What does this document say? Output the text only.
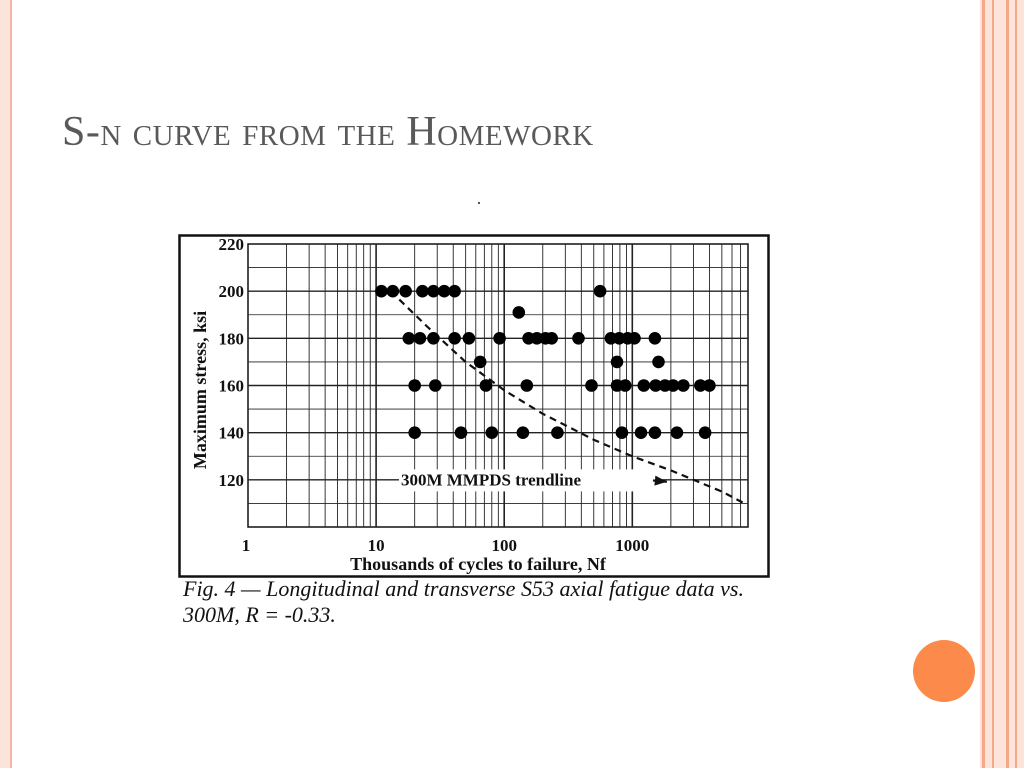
S-n curve from the Homework
120
140
160
180
200
220
1	10	100	1000
300M MMPDS trendline
Maximum stress, ksi
Thousands of cycles to failure, Nf

Fig. 4 — Longitudinal and transverse S53 axial fatigue data vs. 300M, R = -0.33.
